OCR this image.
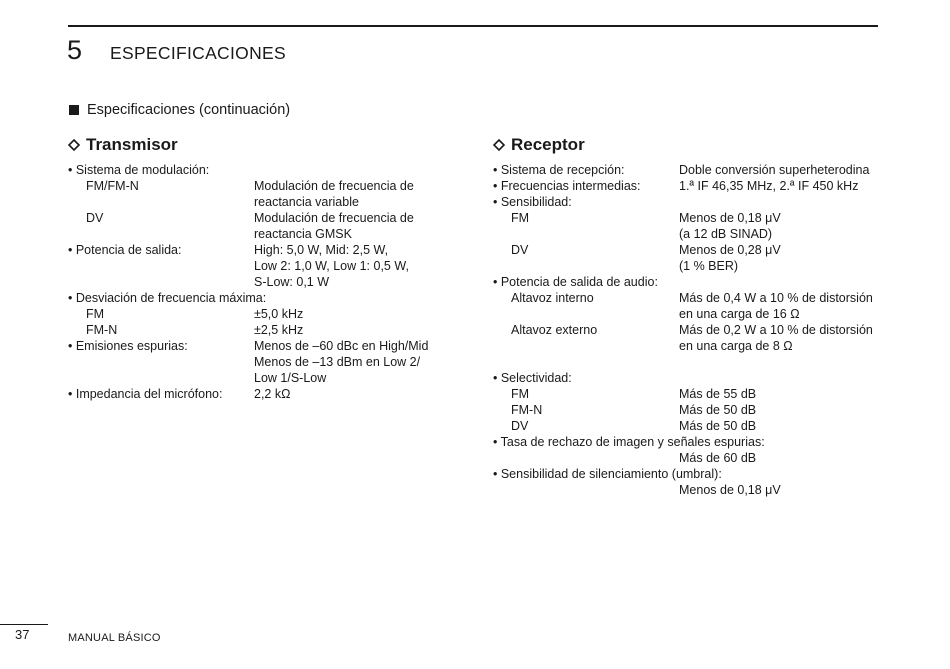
5 ESPECIFICACIONES
Especificaciones (continuación)
Transmisor
• Sistema de modulación:
FM/FM-N	Modulación de frecuencia de
reactancia variable
DV	Modulación de frecuencia de
reactancia GMSK
• Potencia de salida:	High: 5,0 W, Mid: 2,5 W,
Low 2: 1,0 W, Low 1: 0,5 W,
S-Low: 0,1 W
• Desviación de frecuencia máxima:
FM	±5,0 kHz
FM-N	±2,5 kHz
• Emisiones espurias:	Menos de –60 dBc en High/Mid
Menos de –13 dBm en Low 2/
Low 1/S-Low
• Impedancia del micrófono:	2,2 kΩ
Receptor
• Sistema de recepción:	Doble conversión superheterodina
• Frecuencias intermedias:	1.ª IF 46,35 MHz, 2.ª IF 450 kHz
• Sensibilidad:
FM	Menos de 0,18 μV
(a 12 dB SINAD)
DV	Menos de 0,28 μV
(1 % BER)
• Potencia de salida de audio:
Altavoz interno	Más de 0,4 W a 10 % de distorsión
en una carga de 16 Ω
Altavoz externo	Más de 0,2 W a 10 % de distorsión
en una carga de 8 Ω
• Selectividad:
FM	Más de 55 dB
FM-N	Más de 50 dB
DV	Más de 50 dB
• Tasa de rechazo de imagen y señales espurias:
Más de 60 dB
• Sensibilidad de silenciamiento (umbral):
Menos de 0,18 μV
37	MANUAL BÁSICO
